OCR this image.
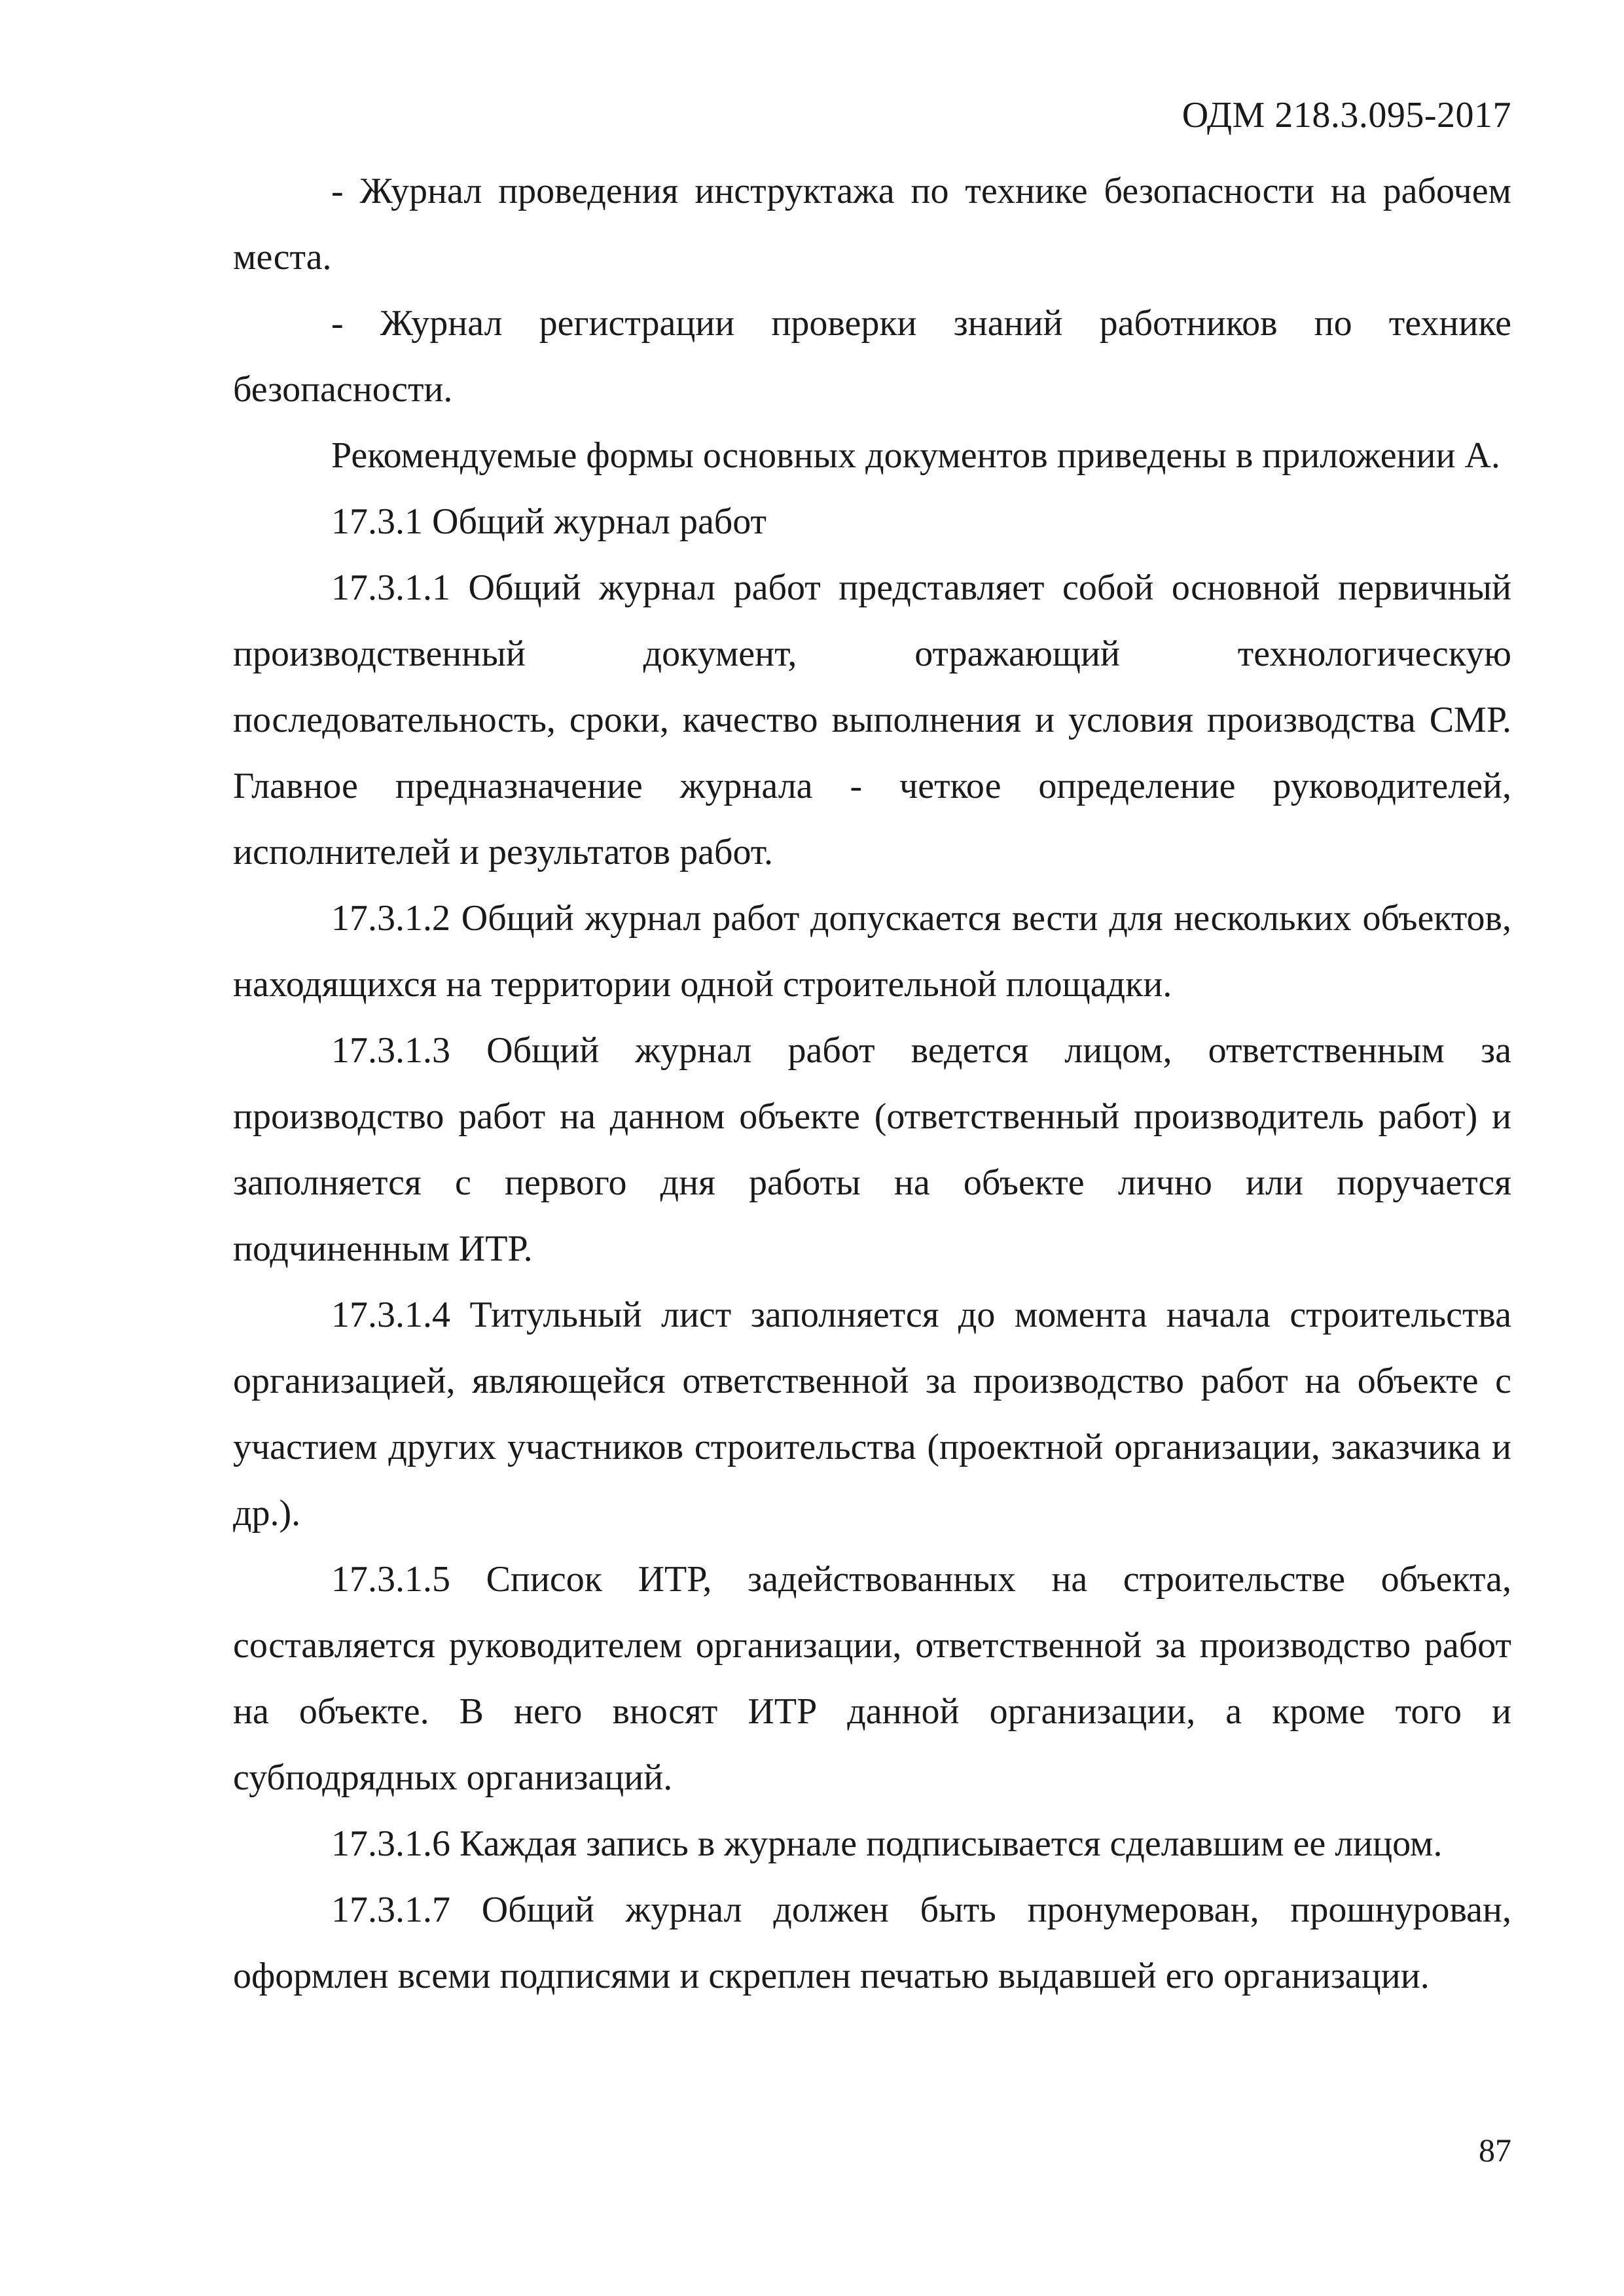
ОДМ 218.3.095-2017

- Журнал проведения инструктажа по технике безопасности на рабочем места.

- Журнал регистрации проверки знаний работников по технике безопасности.

Рекомендуемые формы основных документов приведены в приложении А.

17.3.1 Общий журнал работ

17.3.1.1 Общий журнал работ представляет собой основной первичный производственный документ, отражающий технологическую последовательность, сроки, качество выполнения и условия производства СМР. Главное предназначение журнала - четкое определение руководителей, исполнителей и результатов работ.

17.3.1.2 Общий журнал работ допускается вести для нескольких объектов, находящихся на территории одной строительной площадки.

17.3.1.3 Общий журнал работ ведется лицом, ответственным за производство работ на данном объекте (ответственный производитель работ) и заполняется с первого дня работы на объекте лично или поручается подчиненным ИТР.

17.3.1.4 Титульный лист заполняется до момента начала строительства организацией, являющейся ответственной за производство работ на объекте с участием других участников строительства (проектной организации, заказчика и др.).

17.3.1.5 Список ИТР, задействованных на строительстве объекта, составляется руководителем организации, ответственной за производство работ на объекте. В него вносят ИТР данной организации, а кроме того и субподрядных организаций.

17.3.1.6 Каждая запись в журнале подписывается сделавшим ее лицом.

17.3.1.7 Общий журнал должен быть пронумерован, прошнурован, оформлен всеми подписями и скреплен печатью выдавшей его организации.

87
